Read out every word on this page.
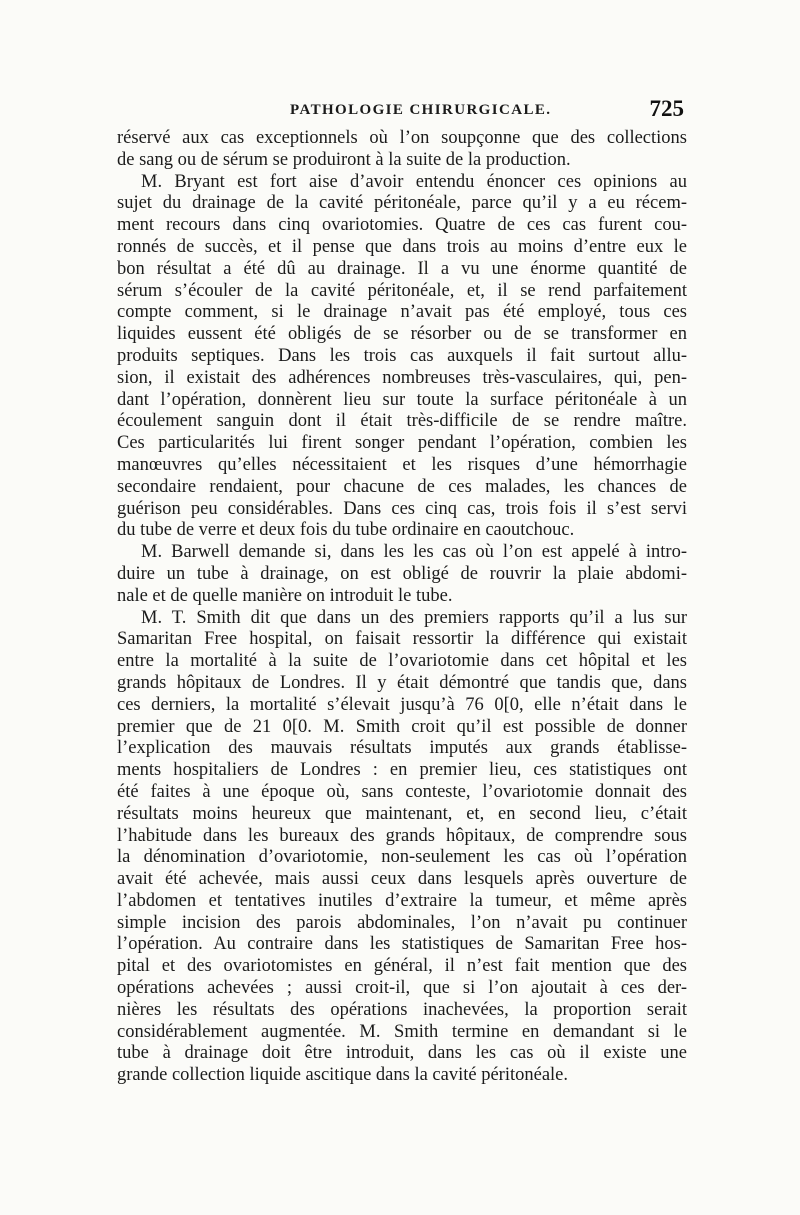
PATHOLOGIE CHIRURGICALE.	725
réservé aux cas exceptionnels où l’on soupçonne que des collections
de sang ou de sérum se produiront à la suite de la production.
M. Bryant est fort aise d’avoir entendu énoncer ces opinions au
sujet du drainage de la cavité péritonéale, parce qu’il y a eu récem-
ment recours dans cinq ovariotomies. Quatre de ces cas furent cou-
ronnés de succès, et il pense que dans trois au moins d’entre eux le
bon résultat a été dû au drainage. Il a vu une énorme quantité de
sérum s’écouler de la cavité péritonéale, et, il se rend parfaitement
compte comment, si le drainage n’avait pas été employé, tous ces
liquides eussent été obligés de se résorber ou de se transformer en
produits septiques. Dans les trois cas auxquels il fait surtout allu-
sion, il existait des adhérences nombreuses très-vasculaires, qui, pen-
dant l’opération, donnèrent lieu sur toute la surface péritonéale à un
écoulement sanguin dont il était très-difficile de se rendre maître.
Ces particularités lui firent songer pendant l’opération, combien les
manœuvres qu’elles nécessitaient et les risques d’une hémorrhagie
secondaire rendaient, pour chacune de ces malades, les chances de
guérison peu considérables. Dans ces cinq cas, trois fois il s’est servi
du tube de verre et deux fois du tube ordinaire en caoutchouc.
M. Barwell demande si, dans les les cas où l’on est appelé à intro-
duire un tube à drainage, on est obligé de rouvrir la plaie abdomi-
nale et de quelle manière on introduit le tube.
M. T. Smith dit que dans un des premiers rapports qu’il a lus sur
Samaritan Free hospital, on faisait ressortir la différence qui existait
entre la mortalité à la suite de l’ovariotomie dans cet hôpital et les
grands hôpitaux de Londres. Il y était démontré que tandis que, dans
ces derniers, la mortalité s’élevait jusqu’à 76 0[0, elle n’était dans le
premier que de 21 0[0. M. Smith croit qu’il est possible de donner
l’explication des mauvais résultats imputés aux grands établisse-
ments hospitaliers de Londres : en premier lieu, ces statistiques ont
été faites à une époque où, sans conteste, l’ovariotomie donnait des
résultats moins heureux que maintenant, et, en second lieu, c’était
l’habitude dans les bureaux des grands hôpitaux, de comprendre sous
la dénomination d’ovariotomie, non-seulement les cas où l’opération
avait été achevée, mais aussi ceux dans lesquels après ouverture de
l’abdomen et tentatives inutiles d’extraire la tumeur, et même après
simple incision des parois abdominales, l’on n’avait pu continuer
l’opération. Au contraire dans les statistiques de Samaritan Free hos-
pital et des ovariotomistes en général, il n’est fait mention que des
opérations achevées ; aussi croit-il, que si l’on ajoutait à ces der-
nières les résultats des opérations inachevées, la proportion serait
considérablement augmentée. M. Smith termine en demandant si le
tube à drainage doit être introduit, dans les cas où il existe une
grande collection liquide ascitique dans la cavité péritonéale.
